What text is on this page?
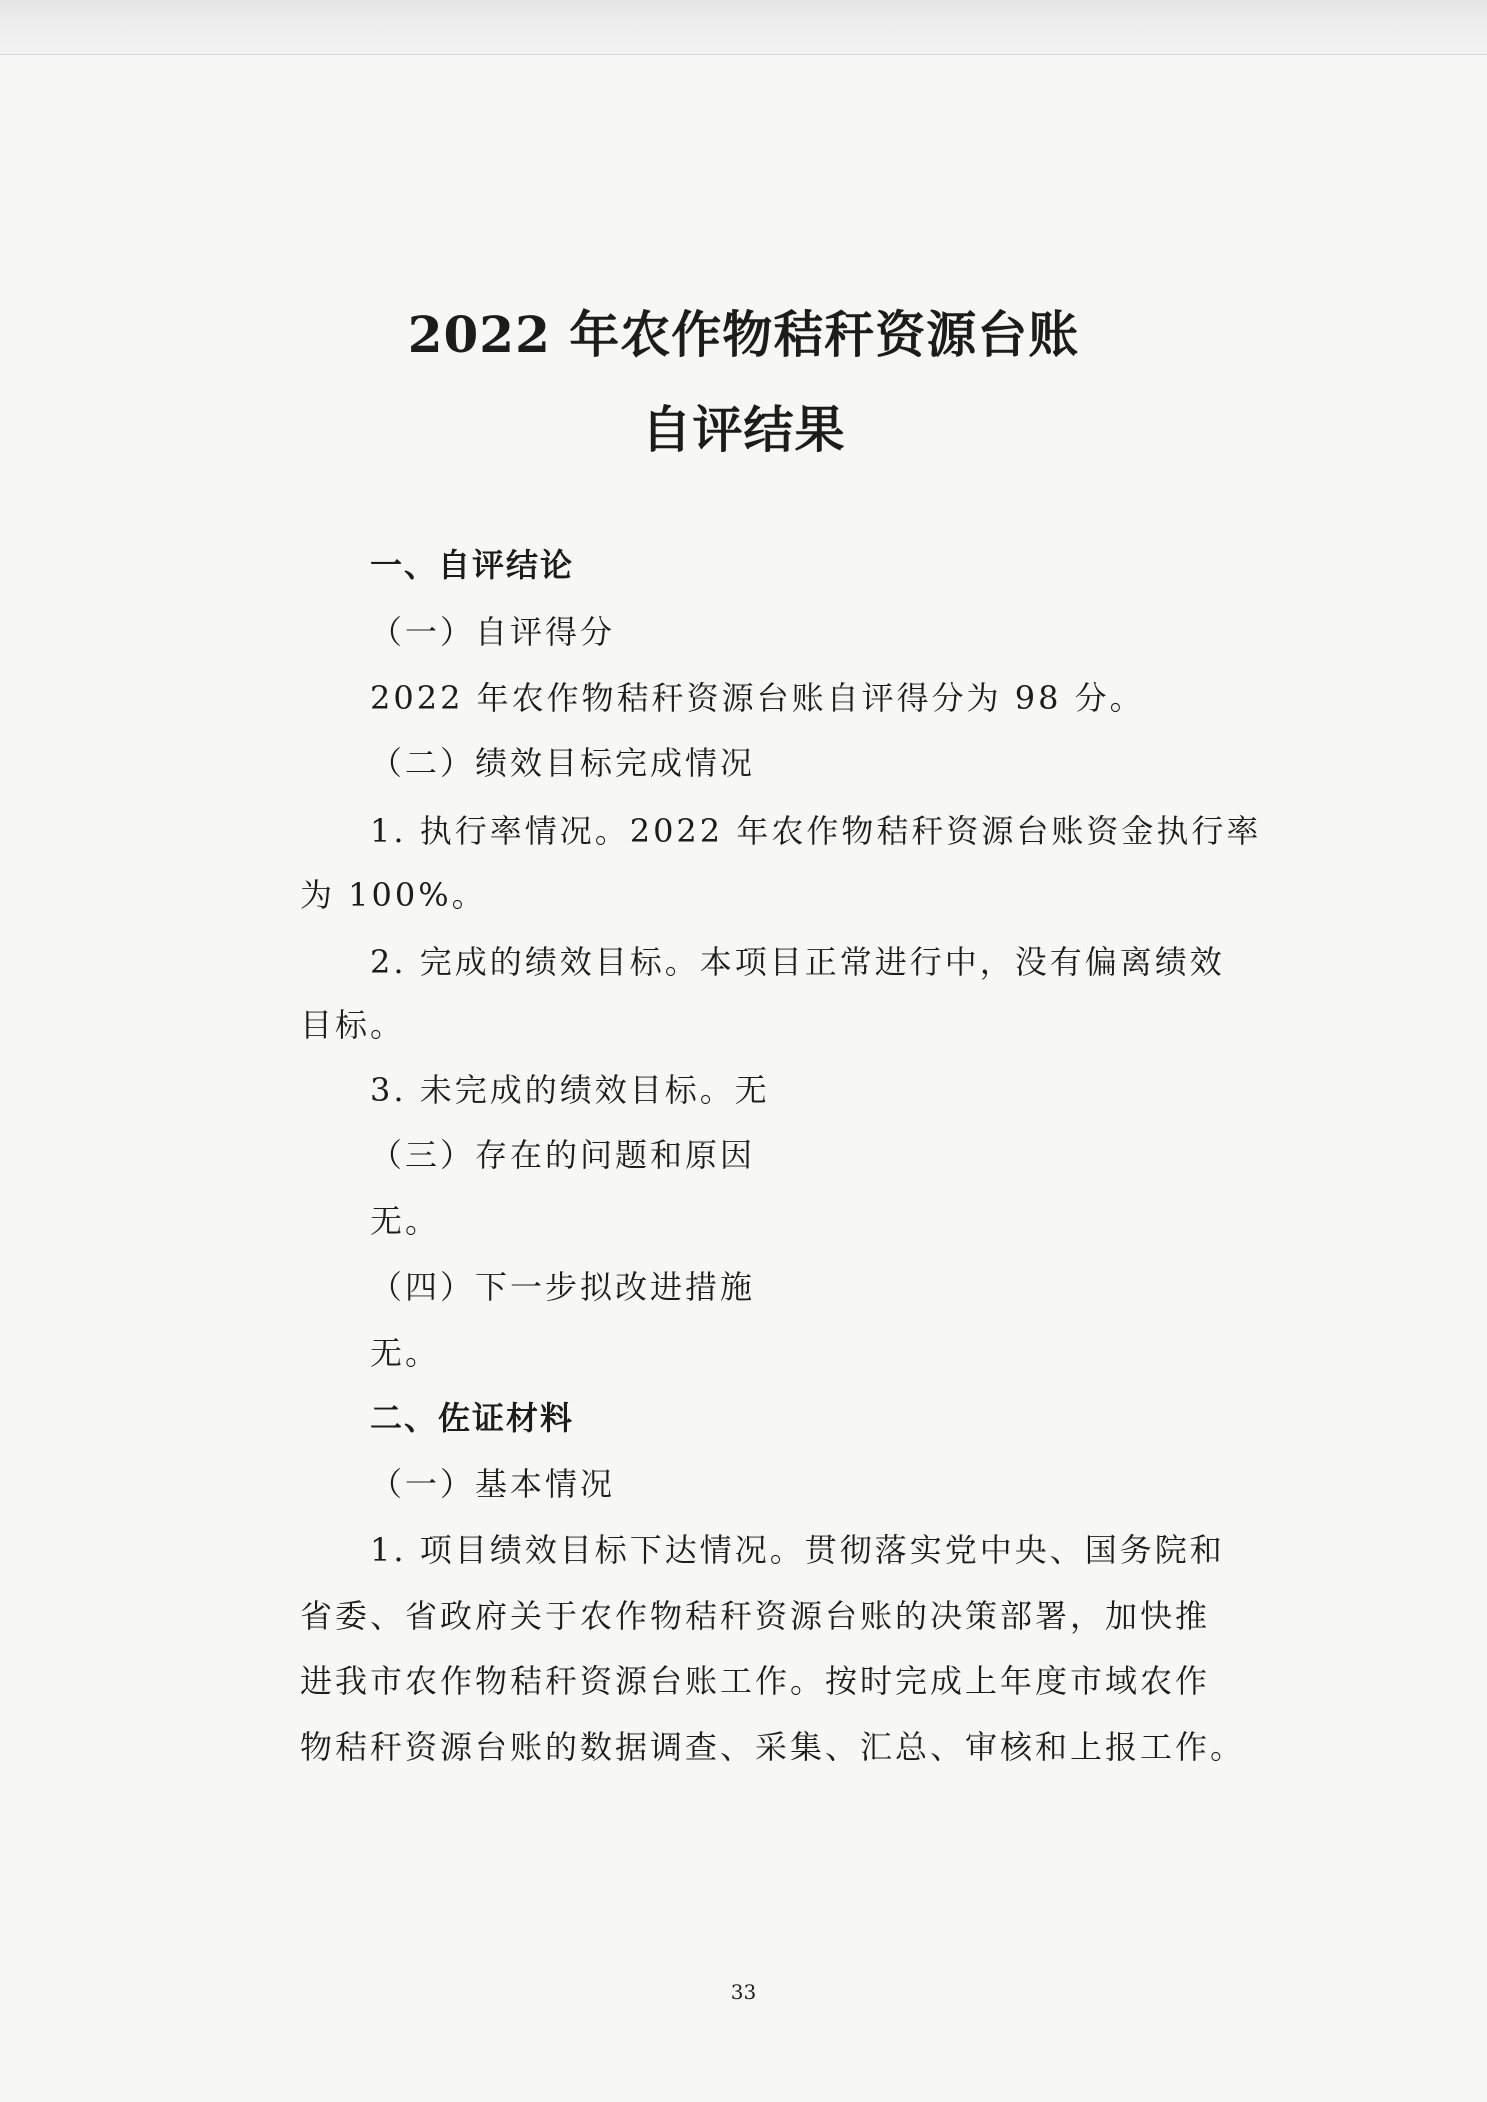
2022 年农作物秸秆资源台账
自评结果
一、自评结论
（一）自评得分
2022 年农作物秸秆资源台账自评得分为 98 分。
（二）绩效目标完成情况
1. 执行率情况。2022 年农作物秸秆资源台账资金执行率
为 100%。
2. 完成的绩效目标。本项目正常进行中，没有偏离绩效
目标。
3. 未完成的绩效目标。无
（三）存在的问题和原因
无。
（四）下一步拟改进措施
无。
二、佐证材料
（一）基本情况
1. 项目绩效目标下达情况。贯彻落实党中央、国务院和
省委、省政府关于农作物秸秆资源台账的决策部署，加快推
进我市农作物秸秆资源台账工作。按时完成上年度市域农作
物秸秆资源台账的数据调查、采集、汇总、审核和上报工作。
33
